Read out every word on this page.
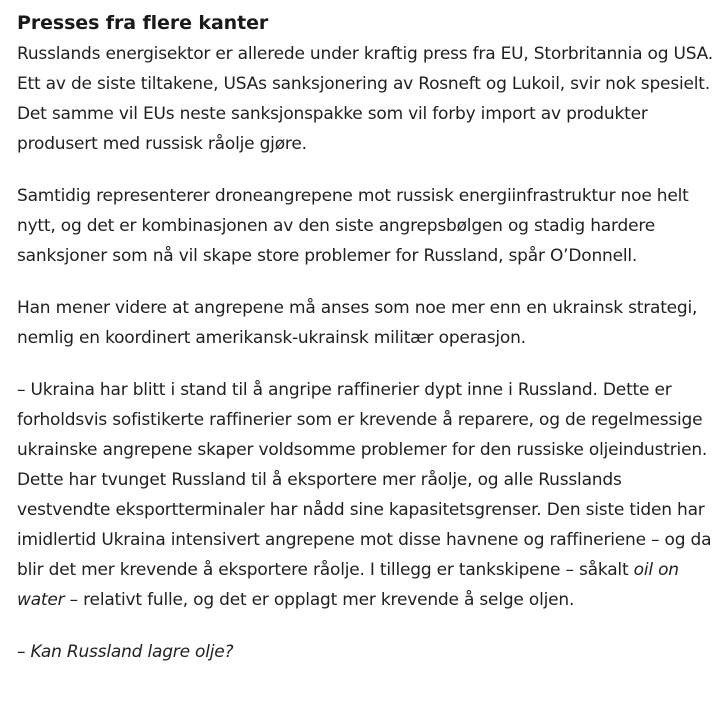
Presses fra flere kanter

Russlands energisektor er allerede under kraftig press fra EU, Storbritannia og USA. Ett av de siste tiltakene, USAs sanksjonering av Rosneft og Lukoil, svir nok spesielt. Det samme vil EUs neste sanksjonspakke som vil forby import av produkter produsert med russisk råolje gjøre.

Samtidig representerer droneangrepene mot russisk energiinfrastruktur noe helt nytt, og det er kombinasjonen av den siste angrepsbølgen og stadig hardere sanksjoner som nå vil skape store problemer for Russland, spår O’Donnell.

Han mener videre at angrepene må anses som noe mer enn en ukrainsk strategi, nemlig en koordinert amerikansk-ukrainsk militær operasjon.

– Ukraina har blitt i stand til å angripe raffinerier dypt inne i Russland. Dette er forholdsvis sofistikerte raffinerier som er krevende å reparere, og de regelmessige ukrainske angrepene skaper voldsomme problemer for den russiske oljeindustrien. Dette har tvunget Russland til å eksportere mer råolje, og alle Russlands vestvendte eksportterminaler har nådd sine kapasitetsgrenser. Den siste tiden har imidlertid Ukraina intensivert angrepene mot disse havnene og raffineriene – og da blir det mer krevende å eksportere råolje. I tillegg er tankskipene – såkalt oil on water – relativt fulle, og det er opplagt mer krevende å selge oljen.

– Kan Russland lagre olje?
